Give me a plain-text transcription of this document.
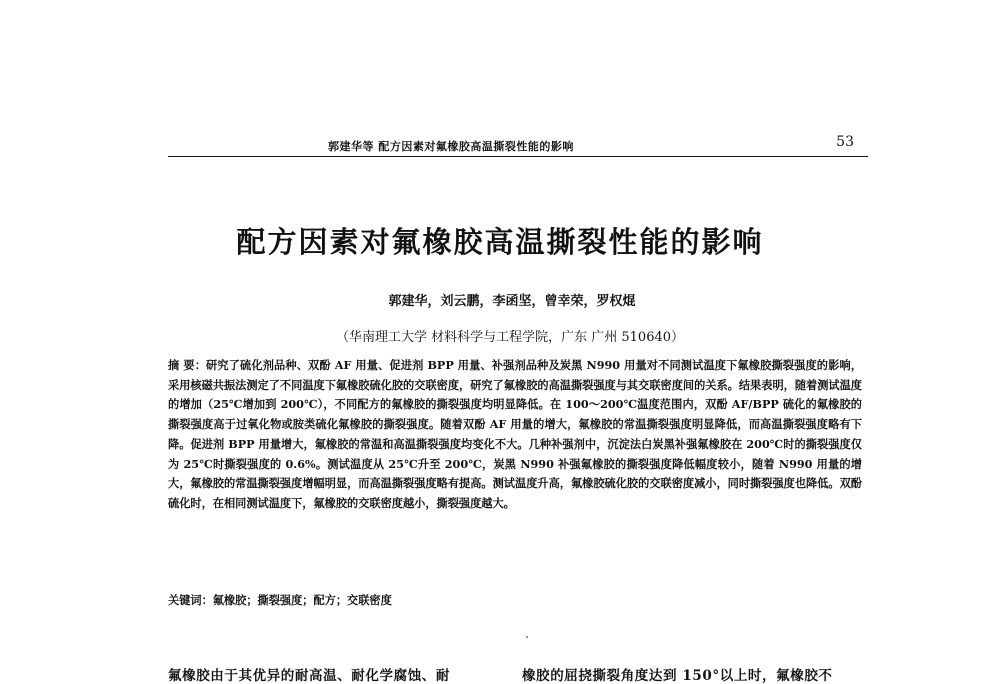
郭建华等 配方因素对氟橡胶高温撕裂性能的影响	53
配方因素对氟橡胶高温撕裂性能的影响
郭建华，刘云鹏，李函坚，曾幸荣，罗权焜
（华南理工大学 材料科学与工程学院，广东 广州 510640）
摘 要：研究了硫化剂品种、双酚 AF 用量、促进剂 BPP 用量、补强剂品种及炭黑 N990 用量对不同测试温度下氟橡胶撕裂强度的影响，采用核磁共振法测定了不同温度下氟橡胶硫化胶的交联密度，研究了氟橡胶的高温撕裂强度与其交联密度间的关系。结果表明，随着测试温度的增加（25℃增加到 200℃），不同配方的氟橡胶的撕裂强度均明显降低。在 100～200℃温度范围内，双酚 AF/BPP 硫化的氟橡胶的撕裂强度高于过氧化物或胺类硫化氟橡胶的撕裂强度。随着双酚 AF 用量的增大，氟橡胶的常温撕裂强度明显降低，而高温撕裂强度略有下降。促进剂 BPP 用量增大，氟橡胶的常温和高温撕裂强度均变化不大。几种补强剂中，沉淀法白炭黑补强氟橡胶在 200℃时的撕裂强度仅为 25℃时撕裂强度的 0.6%。测试温度从 25℃升至 200℃，炭黑 N990 补强氟橡胶的撕裂强度降低幅度较小，随着 N990 用量的增大，氟橡胶的常温撕裂强度增幅明显，而高温撕裂强度略有提高。测试温度升高，氟橡胶硫化胶的交联密度减小，同时撕裂强度也降低。双酚硫化时，在相同测试温度下，氟橡胶的交联密度越小，撕裂强度越大。
关键词：氟橡胶；撕裂强度；配方；交联密度
氟橡胶由于其优异的耐高温、耐化学腐蚀、耐	橡胶的屈挠撕裂角度达到 150°以上时，氟橡胶不
